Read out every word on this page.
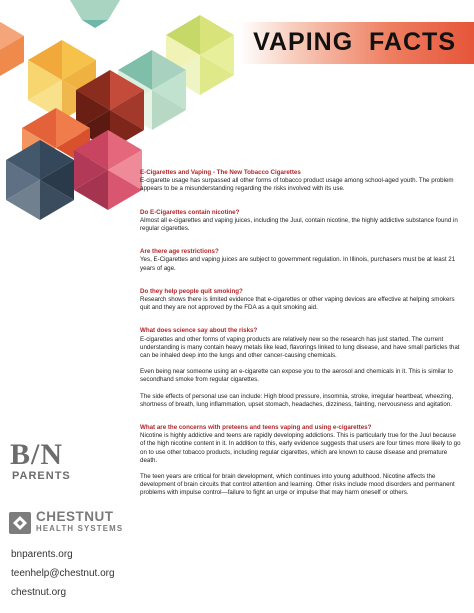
VAPING  FACTS
E-Cigarettes and Vaping - The New Tobacco Cigarettes

E-cigarette usage has surpassed all other forms of tobacco product usage among school-aged youth. The problem appears to be a misunderstanding regarding the risks involved with its use.

Do E-Cigarettes contain nicotine?

Almost all e-cigarettes and vaping juices, including the Juul, contain nicotine, the highly addictive substance found in regular cigarettes.

Are there age restrictions?

Yes, E-Cigarettes and vaping juices are subject to government regulation. In Illinois, purchasers must be at least 21 years of age.

Do they help people quit smoking?

Research shows there is limited evidence that e-cigarettes or other vaping devices are effective at helping smokers quit and they are not approved by the FDA as a quit smoking aid.

What does science say about the risks?

E-cigarettes and other forms of vaping products are relatively new so the research has just started. The current understanding is many contain heavy metals like lead, flavorings linked to lung disease, and have small particles that can be inhaled deep into the lungs and other cancer-causing chemicals.

Even being near someone using an e-cigarette can expose you to the aerosol and chemicals in it. This is similar to secondhand smoke from regular cigarettes.

The side effects of personal use can include: High blood pressure, insomnia, stroke, irregular heartbeat, wheezing, shortness of breath, lung inflammation, upset stomach, headaches, dizziness, fainting, nervousness and agitation.

What are the concerns with preteens and teens vaping and using e-cigarettes?

Nicotine is highly addictive and teens are rapidly developing addictions. This is particularly true for the Juul because of the high nicotine content in it. In addition to this, early evidence suggests that users are four times more likely to go on to use other tobacco products, including regular cigarettes, which are known to cause disease and premature death.

The teen years are critical for brain development, which continues into young adulthood. Nicotine affects the development of brain circuits that control attention and learning. Other risks include mood disorders and permanent problems with impulse control—failure to fight an urge or impulse that may harm oneself or others.

B/N
PARENTS
CHESTNUT
HEALTH SYSTEMS
bnparents.org
teenhelp@chestnut.org
chestnut.org
